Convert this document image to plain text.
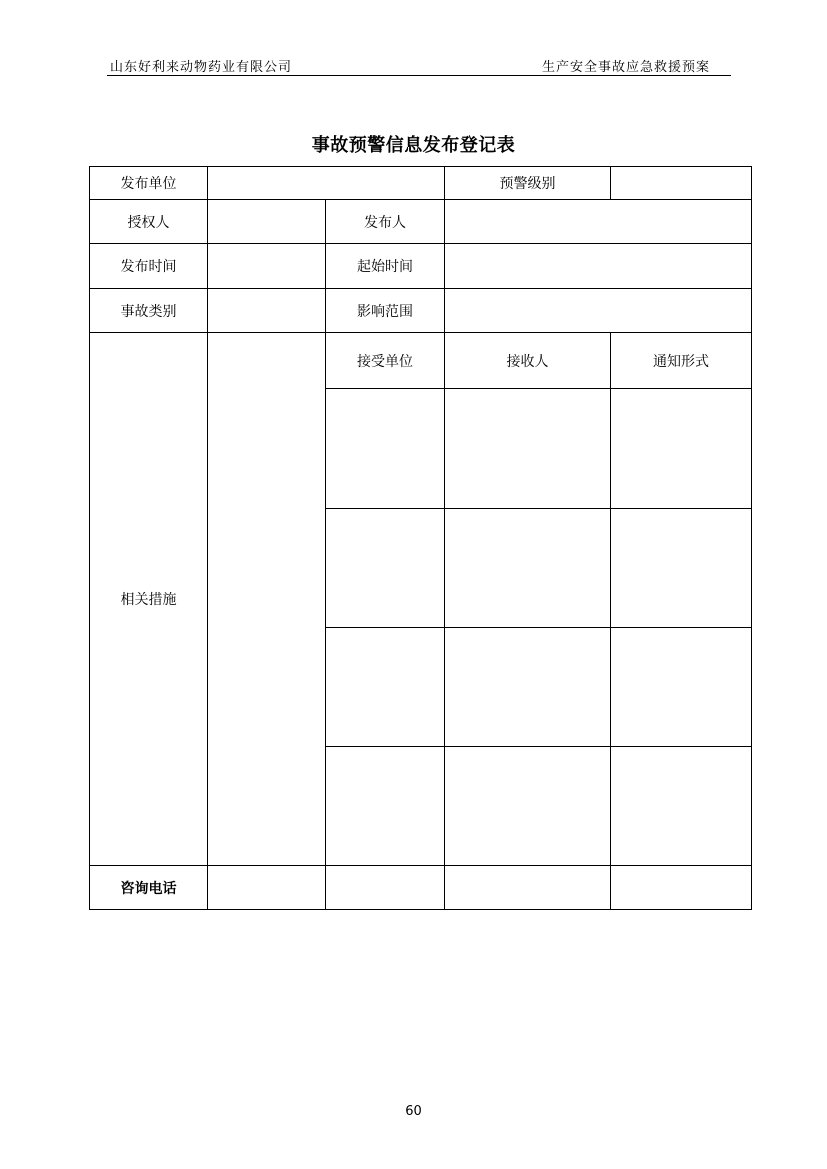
山东好利来动物药业有限公司	生产安全事故应急救援预案
事故预警信息发布登记表
发布单位			预警级别	
授权人		发布人		
发布时间		起始时间		
事故类别		影响范围		
相关措施		接受单位	接收人	通知形式

咨询电话				
60
